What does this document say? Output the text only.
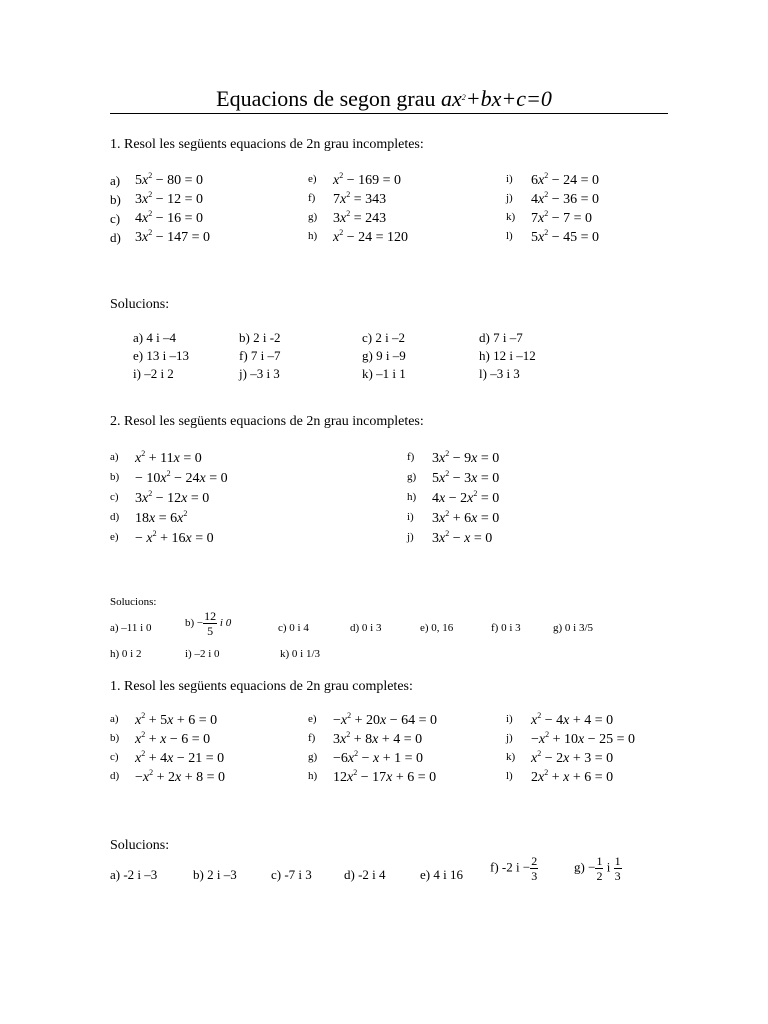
Equacions de segon grau $ax^2+bx+c=0$
1. Resol les següents equacions de 2n grau incompletes:
a) $5x^2 - 80 = 0$
b) $3x^2 - 12 = 0$
c) $4x^2 - 16 = 0$
d) $3x^2 - 147 = 0$
e) $x^2 - 169 = 0$
f) $7x^2 = 343$
g) $3x^2 = 243$
h) $x^2 - 24 = 120$
i) $6x^2 - 24 = 0$
j) $4x^2 - 36 = 0$
k) $7x^2 - 7 = 0$
l) $5x^2 - 45 = 0$
Solucions:
a) 4 i –4	b) 2 i -2	c) 2 i –2	d) 7 i –7
e) 13 i –13	f) 7 i –7	g) 9 i –9	h) 12 i –12
i) –2 i 2	j) –3 i 3	k) –1 i 1	l) –3 i 3
2. Resol les següents equacions de 2n grau incompletes:
a) $x^2 + 11x = 0$
$b) - 10x^2 - 24x = 0$
c) $3x^2 - 12x = 0$
d) $18x = 6x^2$
$e) - x^2 + 16x = 0$
f) $3x^2 - 9x = 0$
g) $5x^2 - 3x = 0$
h) $4x - 2x^2 = 0$
i) $3x^2 + 6x = 0$
j) $3x^2 - x = 0$
Solucions:
a) –11 i 0	$b) - \frac{12}{5}$ i 0	c) 0 i 4	d) 0 i 3	e) 0, 16	f) 0 i 3	g) 0 i 3/5
h) 0 i 2	i) –2 i 0	k) 0 i 1/3
1. Resol les següents equacions de 2n grau completes:
a) $x^2 + 5x + 6 = 0$
b) $x^2 + x - 6 = 0$
c) $x^2 + 4x - 21 = 0$
$d) -x^2 + 2x + 8 = 0$
$e) -x^2 + 20x - 64 = 0$
f) $3x^2 + 8x + 4 = 0$
$g) -6x^2 - x + 1 = 0$
h) $12x^2 - 17x + 6 = 0$
i) $x^2 - 4x + 4 = 0$
$j) -x^2 + 10x - 25 = 0$
k) $x^2 - 2x + 3 = 0$
l) $2x^2 + x + 6 = 0$
Solucions:
a) -2 i –3	b) 2 i –3	c) -7 i 3 d) -2 i 4	e) 4 i 16
f) -2 $i - \frac{2}{3}$	$g) - \frac{1}{2}$ i $\frac{1}{3}$
